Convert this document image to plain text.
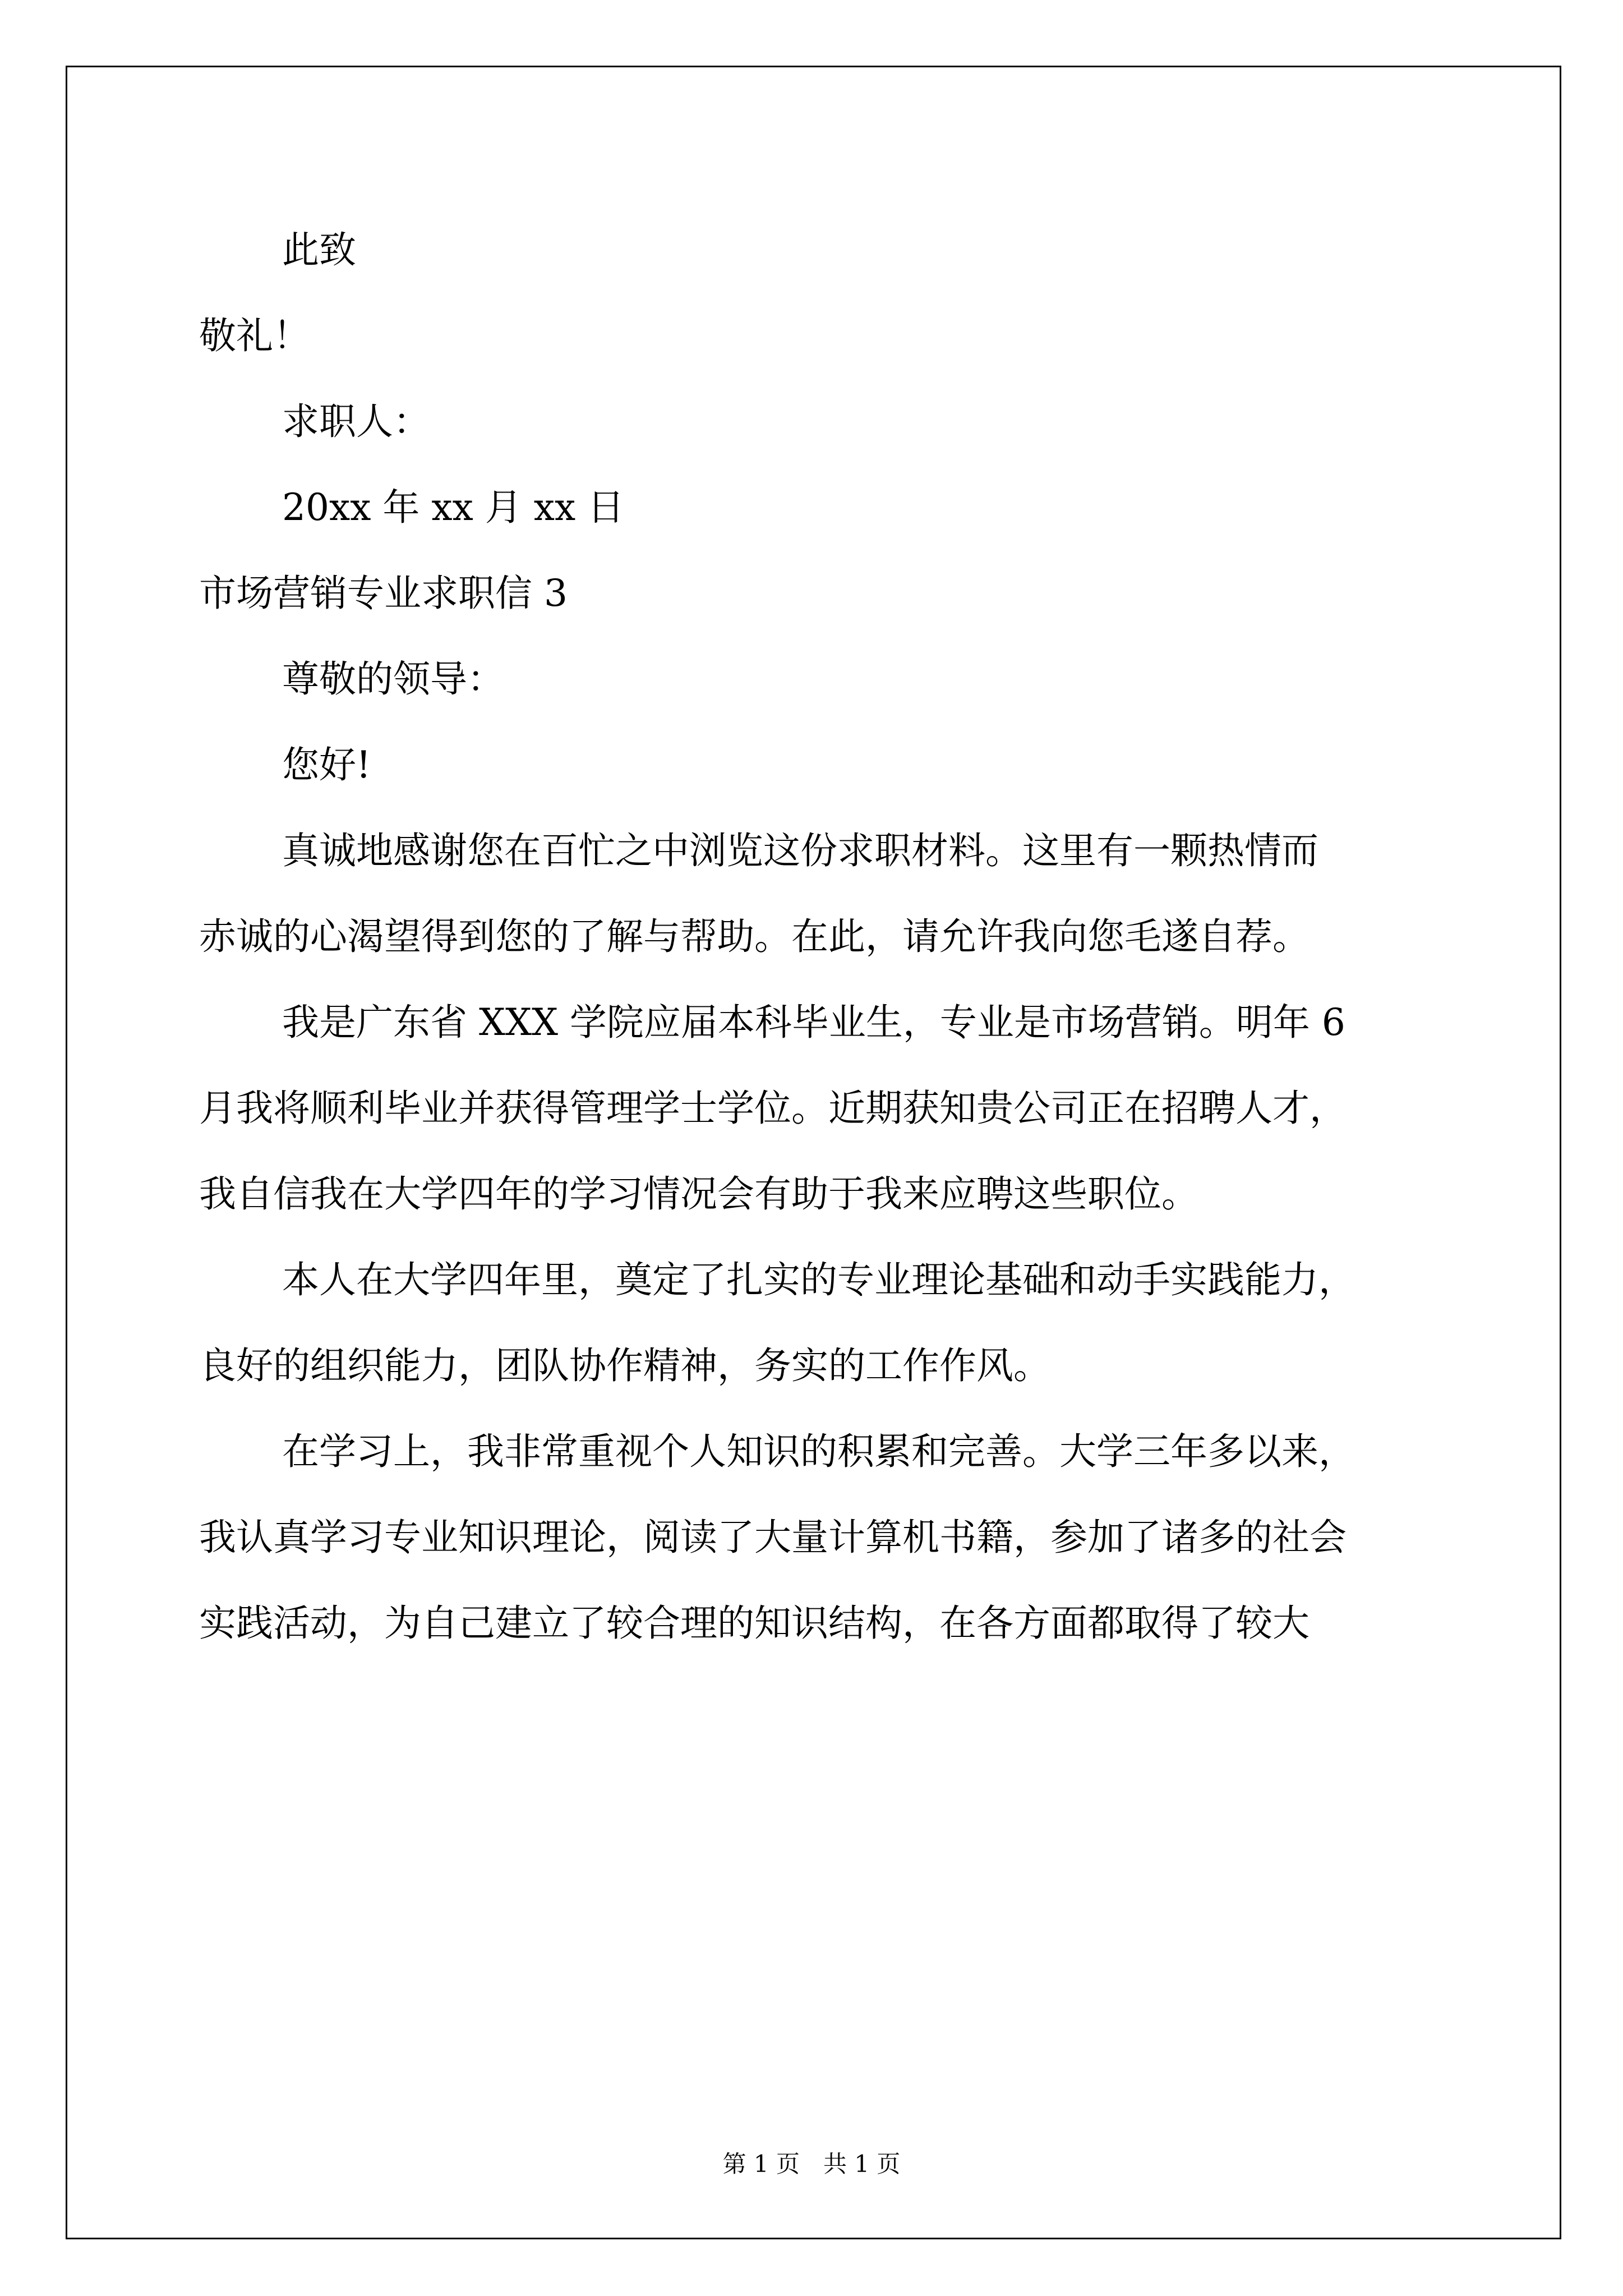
此致
敬礼！
求职人：
20xx 年 xx 月 xx 日
市场营销专业求职信 3
尊敬的领导：
您好!
真诚地感谢您在百忙之中浏览这份求职材料。这里有一颗热情而
赤诚的心渴望得到您的了解与帮助。在此，请允许我向您毛遂自荐。
我是广东省 XXX 学院应届本科毕业生，专业是市场营销。明年 6
月我将顺利毕业并获得管理学士学位。近期获知贵公司正在招聘人才，
我自信我在大学四年的学习情况会有助于我来应聘这些职位。
本人在大学四年里，奠定了扎实的专业理论基础和动手实践能力，
良好的组织能力，团队协作精神，务实的工作作风。
在学习上，我非常重视个人知识的积累和完善。大学三年多以来，
我认真学习专业知识理论，阅读了大量计算机书籍，参加了诸多的社会
实践活动，为自己建立了较合理的知识结构，在各方面都取得了较大
第 1 页　共 1 页
